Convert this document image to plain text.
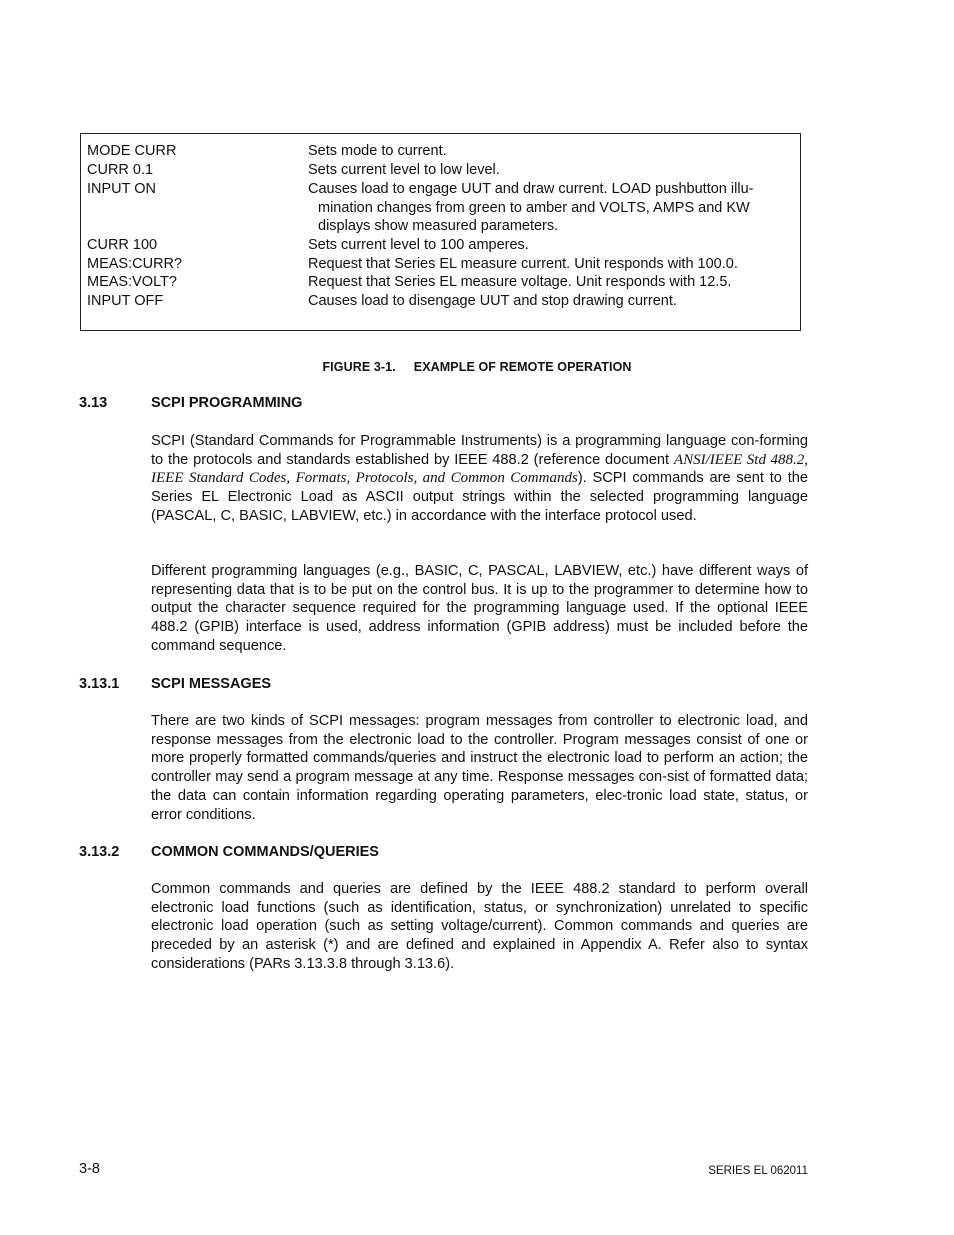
MODE CURR	Sets mode to current.
CURR 0.1	Sets current level to low level.
INPUT ON	Causes load to engage UUT and draw current. LOAD pushbutton illu-
mination changes from green to amber and VOLTS, AMPS and KW
displays show measured parameters.
CURR 100	Sets current level to 100 amperes.
MEAS:CURR?	Request that Series EL measure current. Unit responds with 100.0.
MEAS:VOLT?	Request that Series EL measure voltage. Unit responds with 12.5.
INPUT OFF	Causes load to disengage UUT and stop drawing current.
FIGURE 3-1. EXAMPLE OF REMOTE OPERATION
3.13	SCPI PROGRAMMING

SCPI (Standard Commands for Programmable Instruments) is a programming language con-forming to the protocols and standards established by IEEE 488.2 (reference document ANSI/IEEE Std 488.2, IEEE Standard Codes, Formats, Protocols, and Common Commands). SCPI commands are sent to the Series EL Electronic Load as ASCII output strings within the selected programming language (PASCAL, C, BASIC, LABVIEW, etc.) in accordance with the interface protocol used.

Different programming languages (e.g., BASIC, C, PASCAL, LABVIEW, etc.) have different ways of representing data that is to be put on the control bus. It is up to the programmer to determine how to output the character sequence required for the programming language used. If the optional IEEE 488.2 (GPIB) interface is used, address information (GPIB address) must be included before the command sequence.

3.13.1 SCPI MESSAGES

There are two kinds of SCPI messages: program messages from controller to electronic load, and response messages from the electronic load to the controller. Program messages consist of one or more properly formatted commands/queries and instruct the electronic load to perform an action; the controller may send a program message at any time. Response messages con-sist of formatted data; the data can contain information regarding operating parameters, elec-tronic load state, status, or error conditions.

3.13.2 COMMON COMMANDS/QUERIES

Common commands and queries are defined by the IEEE 488.2 standard to perform overall electronic load functions (such as identification, status, or synchronization) unrelated to specific electronic load operation (such as setting voltage/current). Common commands and queries are preceded by an asterisk (*) and are defined and explained in Appendix A. Refer also to syntax considerations (PARs 3.13.3.8 through 3.13.6).

3-8	SERIES EL 062011
